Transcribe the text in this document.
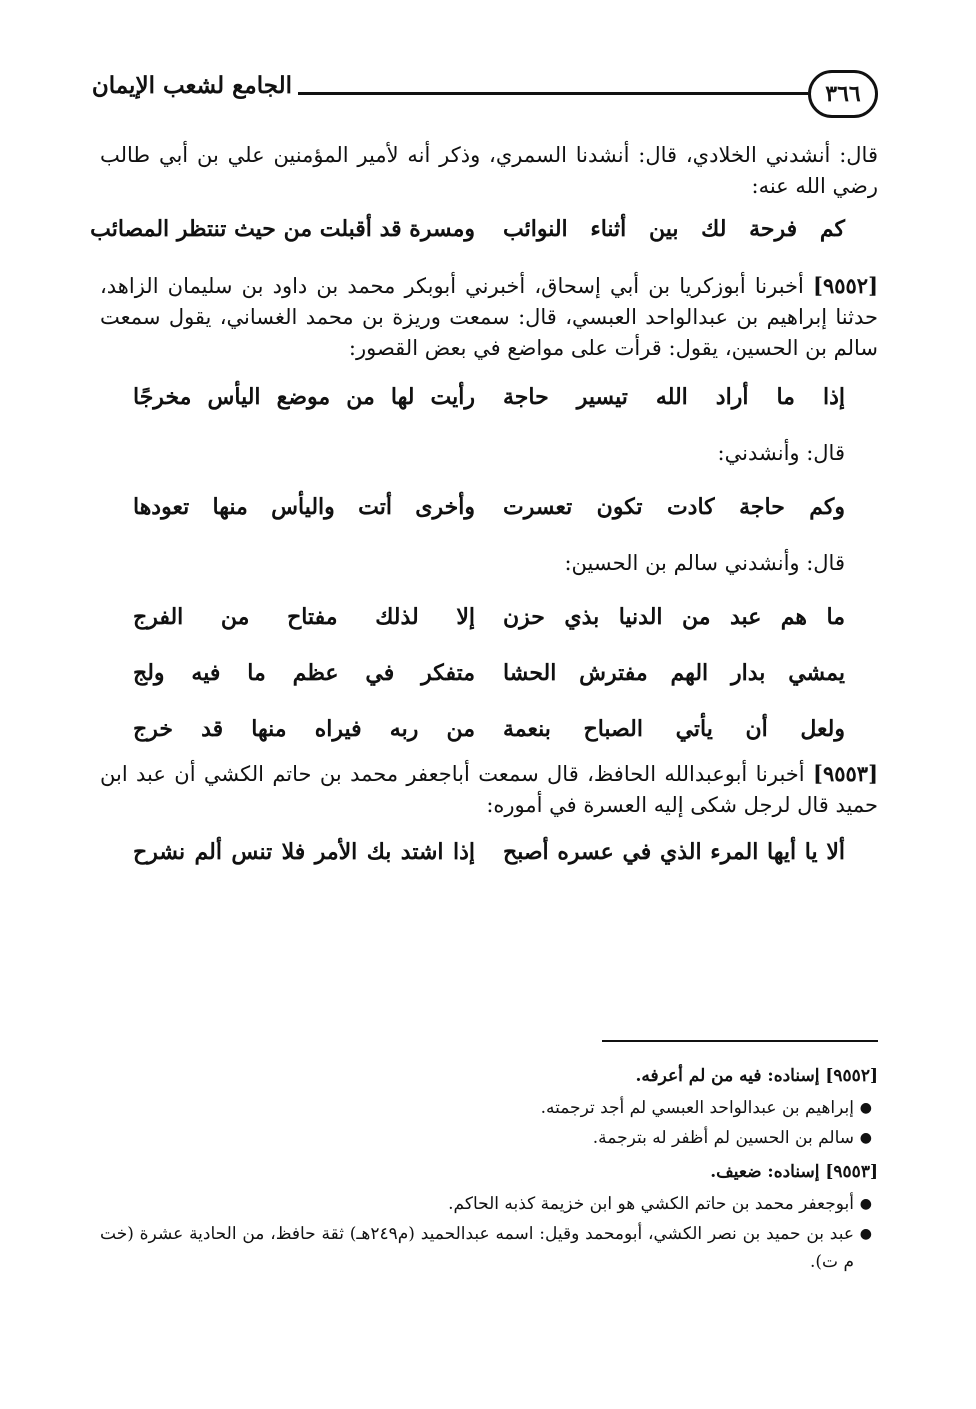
٣٦٦
الجامع لشعب الإيمان

قال: أنشدني الخلادي، قال: أنشدنا السمري، وذكر أنه لأمير المؤمنين علي بن أبي طالب رضي الله عنه:

كم فرحة لك بين أثناء النوائب
ومسرة قد أقبلت من حيث تنتظر المصائب

[٩٥٥٢] أخبرنا أبوزكريا بن أبي إسحاق، أخبرني أبوبكر محمد بن داود بن سليمان الزاهد، حدثنا إبراهيم بن عبدالواحد العبسي، قال: سمعت وريزة بن محمد الغساني، يقول سمعت سالم بن الحسين، يقول: قرأت على مواضع في بعض القصور:

إذا ما أراد الله تيسير حاجة
رأيت لها من موضع اليأس مخرجًا
قال: وأنشدني:
وكم حاجة كادت تكون تعسرت
وأخرى أتت واليأس منها تعودها
قال: وأنشدني سالم بن الحسين:
ما هم عبد من الدنيا بذي حزن
إلا لذلك مفتاح من الفرج
يمشي بدار الهم مفترش الحشا
متفكر في عظم ما فيه ولج
ولعل أن يأتي الصباح بنعمة
من ربه فيراه منها قد خرج

[٩٥٥٣] أخبرنا أبوعبدالله الحافظ، قال سمعت أباجعفر محمد بن حاتم الكشي أن عبد ابن حميد قال لرجل شكى إليه العسرة في أموره:

ألا يا أيها المرء الذي في عسره أصبح
إذا اشتد بك الأمر فلا تنس ألم نشرح
[٩٥٥٢] إسناده: فيه من لم أعرفه.
●
إبراهيم بن عبدالواحد العبسي لم أجد ترجمته.
●
سالم بن الحسين لم أظفر له بترجمة.
[٩٥٥٣] إسناده: ضعيف.
●
أبوجعفر محمد بن حاتم الكشي هو ابن خزيمة كذبه الحاكم.
●
عبد بن حميد بن نصر الكشي، أبومحمد وقيل: اسمه عبدالحميد (م٢٤٩هـ) ثقة حافظ، من الحادية عشرة (خت م ت).
